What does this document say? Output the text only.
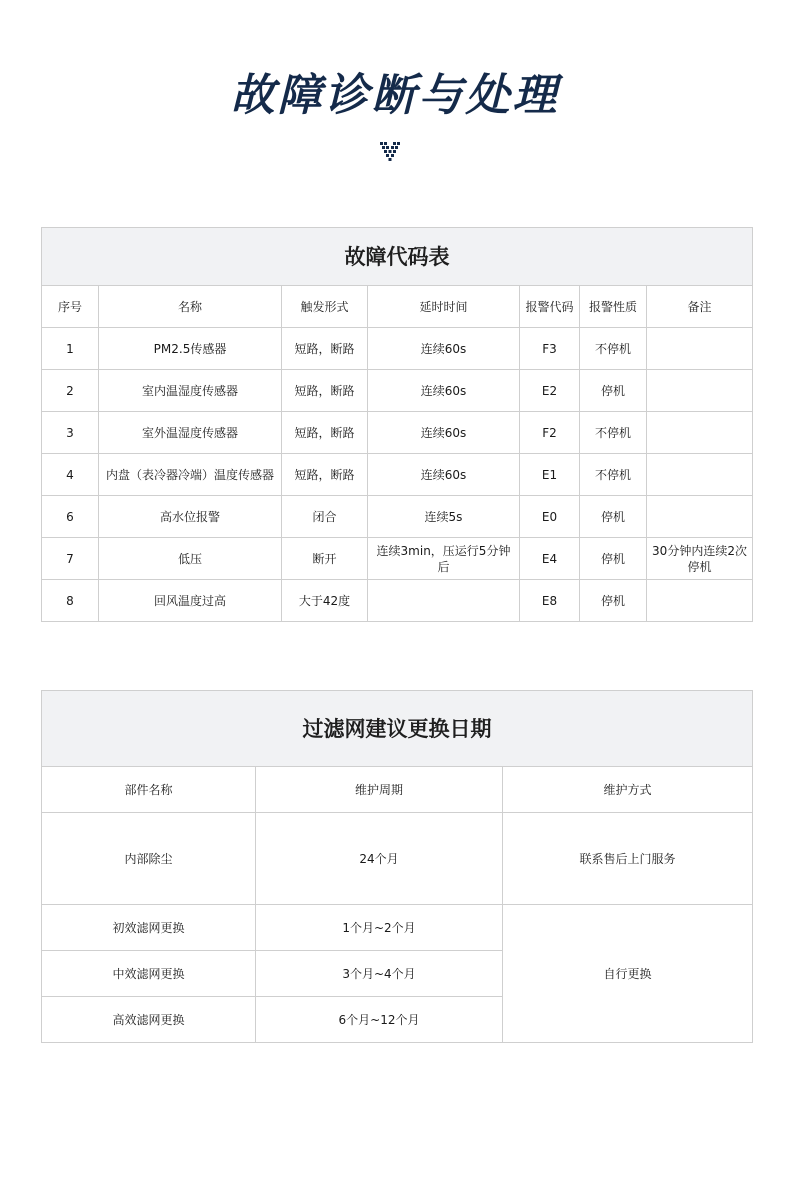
故障诊断与处理
故障代码表						
序号	名称	触发形式	延时时间	报警代码	报警性质	备注
1	PM2.5传感器	短路，断路	连续60s	F3	不停机	
2	室内温湿度传感器	短路，断路	连续60s	E2	停机	
3	室外温湿度传感器	短路，断路	连续60s	F2	不停机	
4	内盘（表冷器冷端）温度传感器	短路，断路	连续60s	E1	不停机	
6	高水位报警	闭合	连续5s	E0	停机	
7	低压	断开	连续3min，压运行5分钟后	E4	停机	30分钟内连续2次停机
8	回风温度过高	大于42度		E8	停机	
过滤网建议更换日期		
部件名称	维护周期	维护方式
内部除尘	24个月	联系售后上门服务
初效滤网更换	1个月~2个月	自行更换
中效滤网更换	3个月~4个月	
高效滤网更换	6个月~12个月	
